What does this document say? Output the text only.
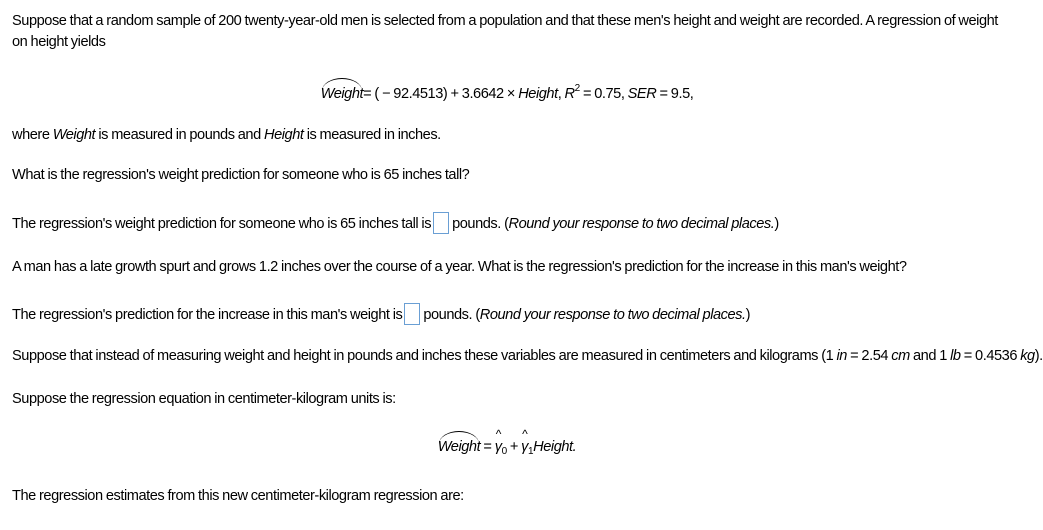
Suppose that a random sample of 200 twenty-year-old men is selected from a population and that these men's height and weight are recorded. A regression of weight on height yields
Weight= ( − 92.4513) + 3.6642 × Height, $R^2 = 0.75$, SER = 9.5,
where Weight is measured in pounds and Height is measured in inches.
What is the regression's weight prediction for someone who is 65 inches tall?
The regression's weight prediction for someone who is 65 inches tall is pounds. (Round your response to two decimal places.)
A man has a late growth spurt and grows 1.2 inches over the course of a year. What is the regression's prediction for the increase in this man's weight?
The regression's prediction for the increase in this man's weight is pounds. (Round your response to two decimal places.)
Suppose that instead of measuring weight and height in pounds and inches these variables are measured in centimeters and kilograms (1 in = 2.54 cm and 1 lb = 0.4536 kg).
Suppose the regression equation in centimeter-kilogram units is:
Weight =
^
$\gamma_0$ +
^
$\gamma_1Height$.
The regression estimates from this new centimeter-kilogram regression are:
